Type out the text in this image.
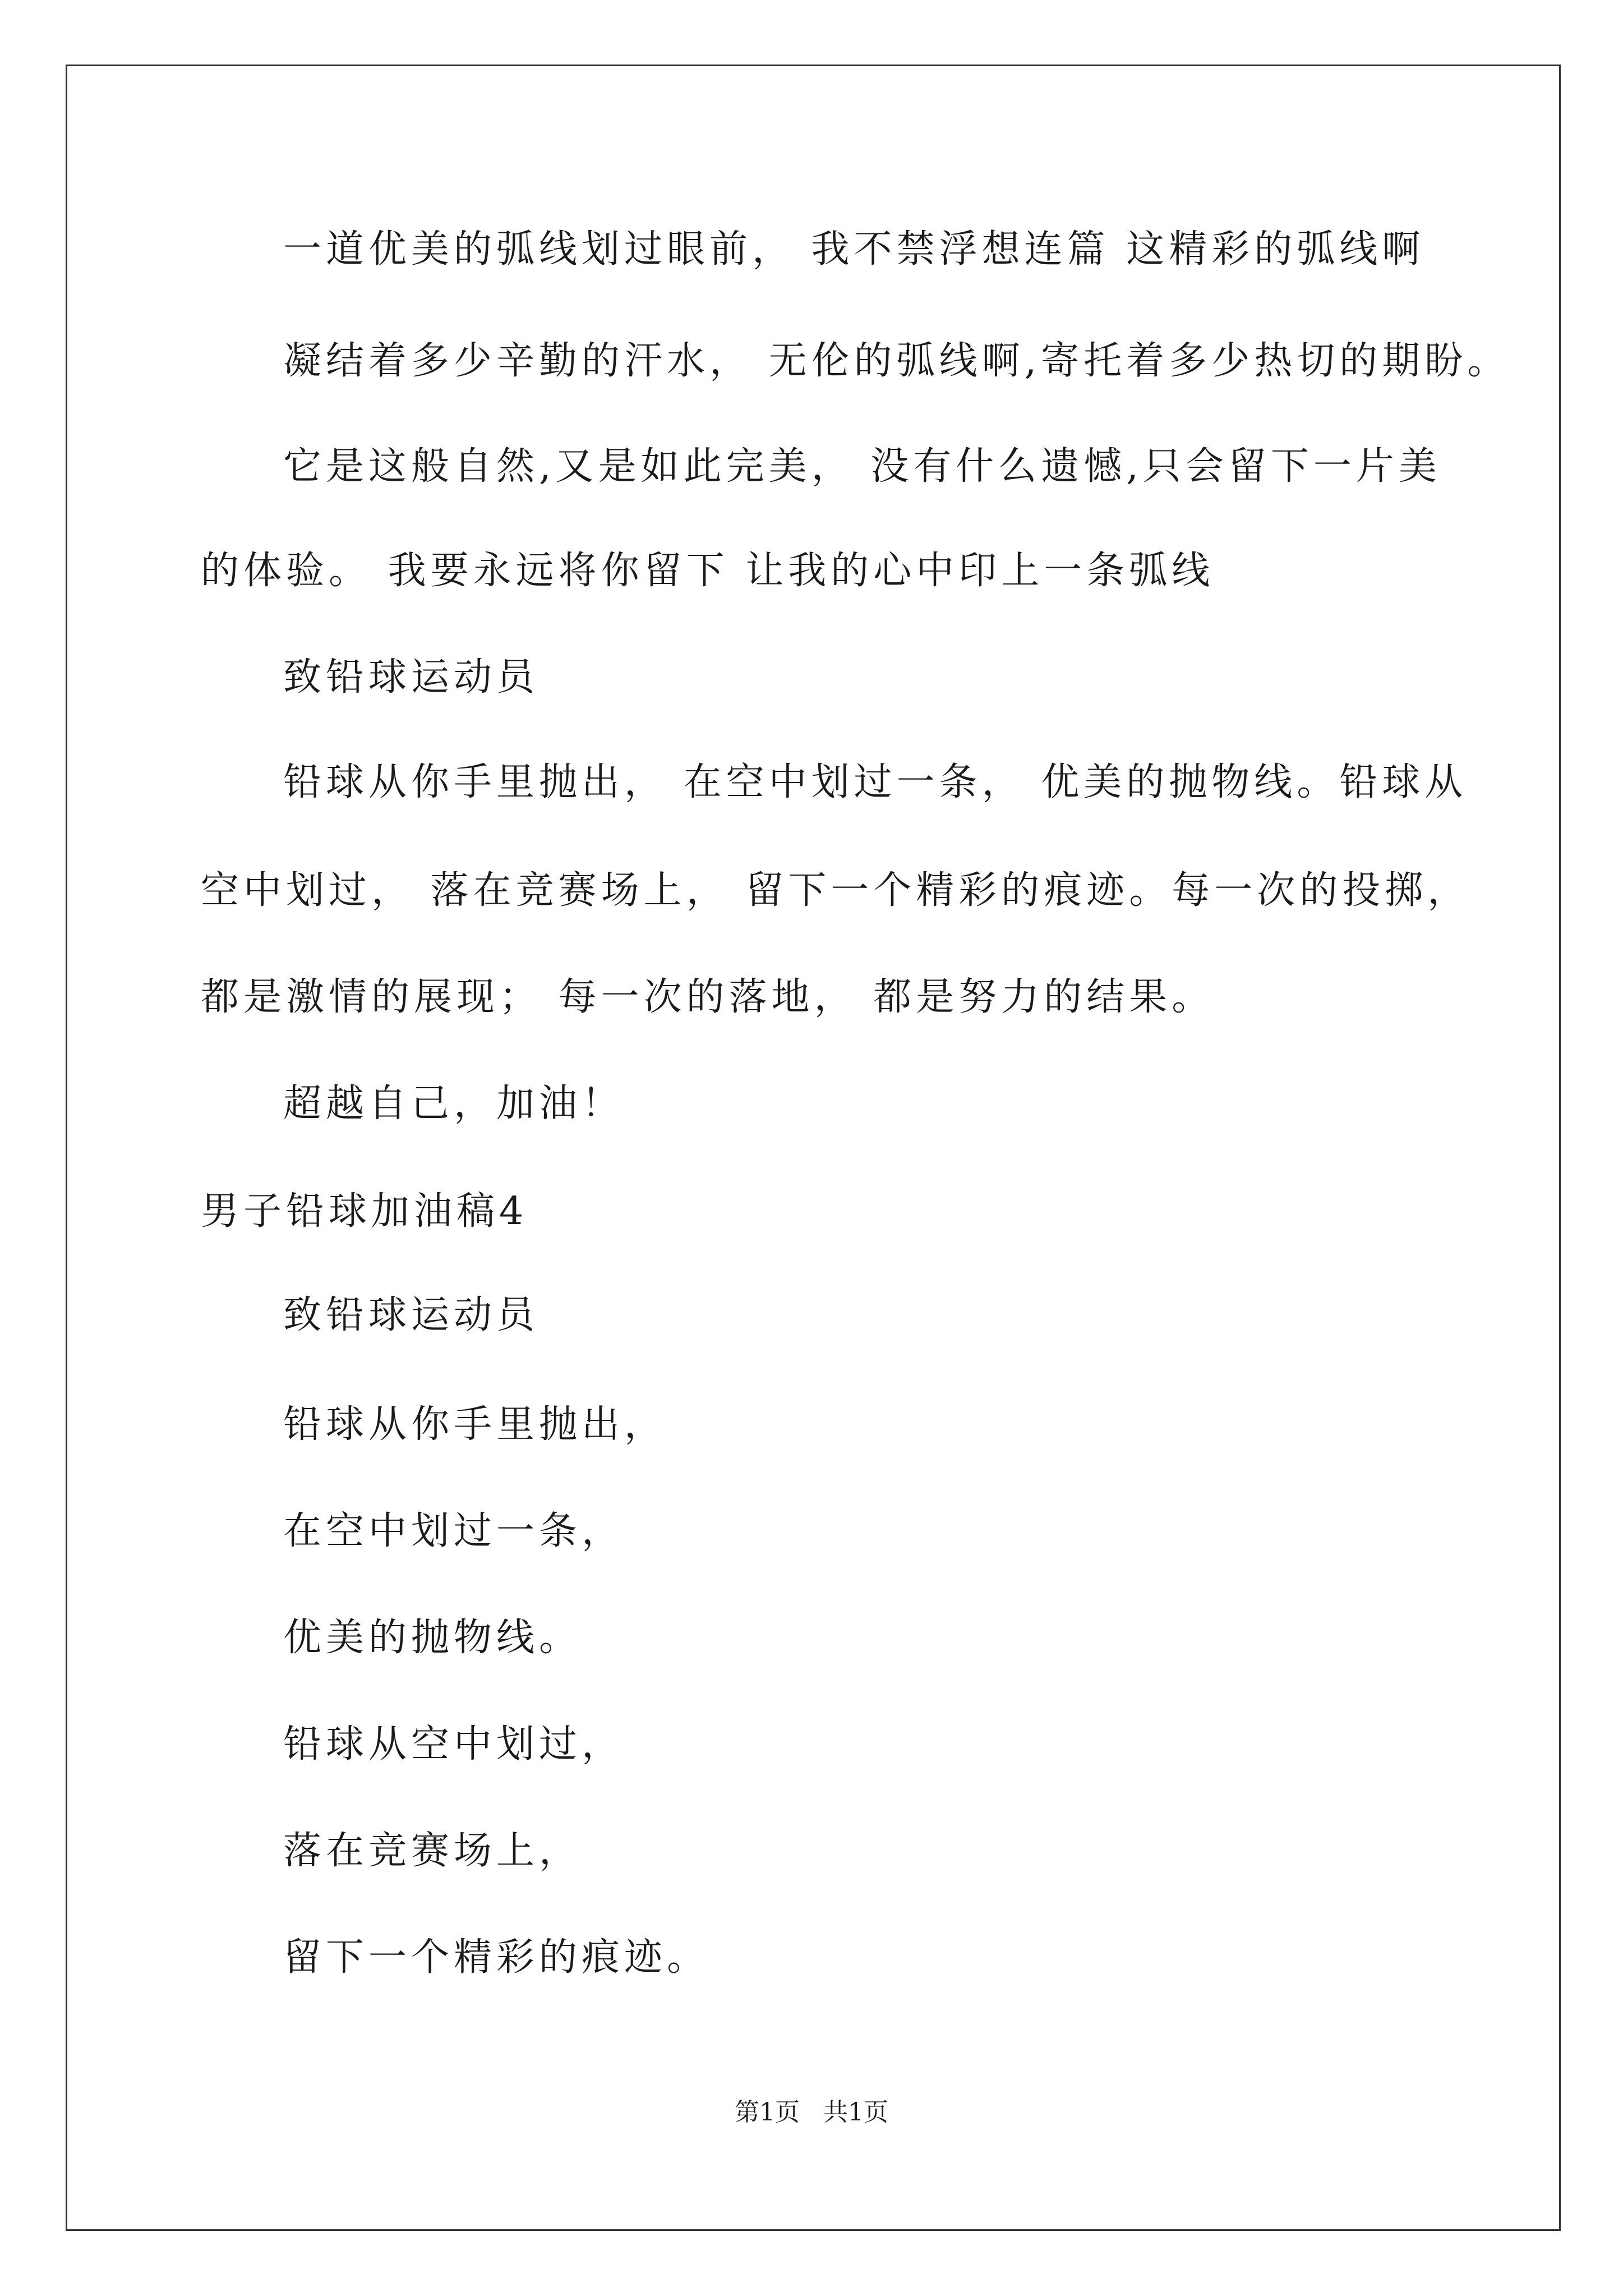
一道优美的弧线划过眼前， 我不禁浮想连篇 这精彩的弧线啊
凝结着多少辛勤的汗水， 无伦的弧线啊,寄托着多少热切的期盼。
它是这般自然,又是如此完美， 没有什么遗憾,只会留下一片美
的体验。 我要永远将你留下 让我的心中印上一条弧线
致铅球运动员
铅球从你手里抛出， 在空中划过一条， 优美的抛物线。铅球从
空中划过， 落在竞赛场上， 留下一个精彩的痕迹。每一次的投掷，
都是激情的展现； 每一次的落地， 都是努力的结果。
超越自己，加油！
男子铅球加油稿4
致铅球运动员
铅球从你手里抛出，
在空中划过一条，
优美的抛物线。
铅球从空中划过，
落在竞赛场上，
留下一个精彩的痕迹。
第1页   共1页
